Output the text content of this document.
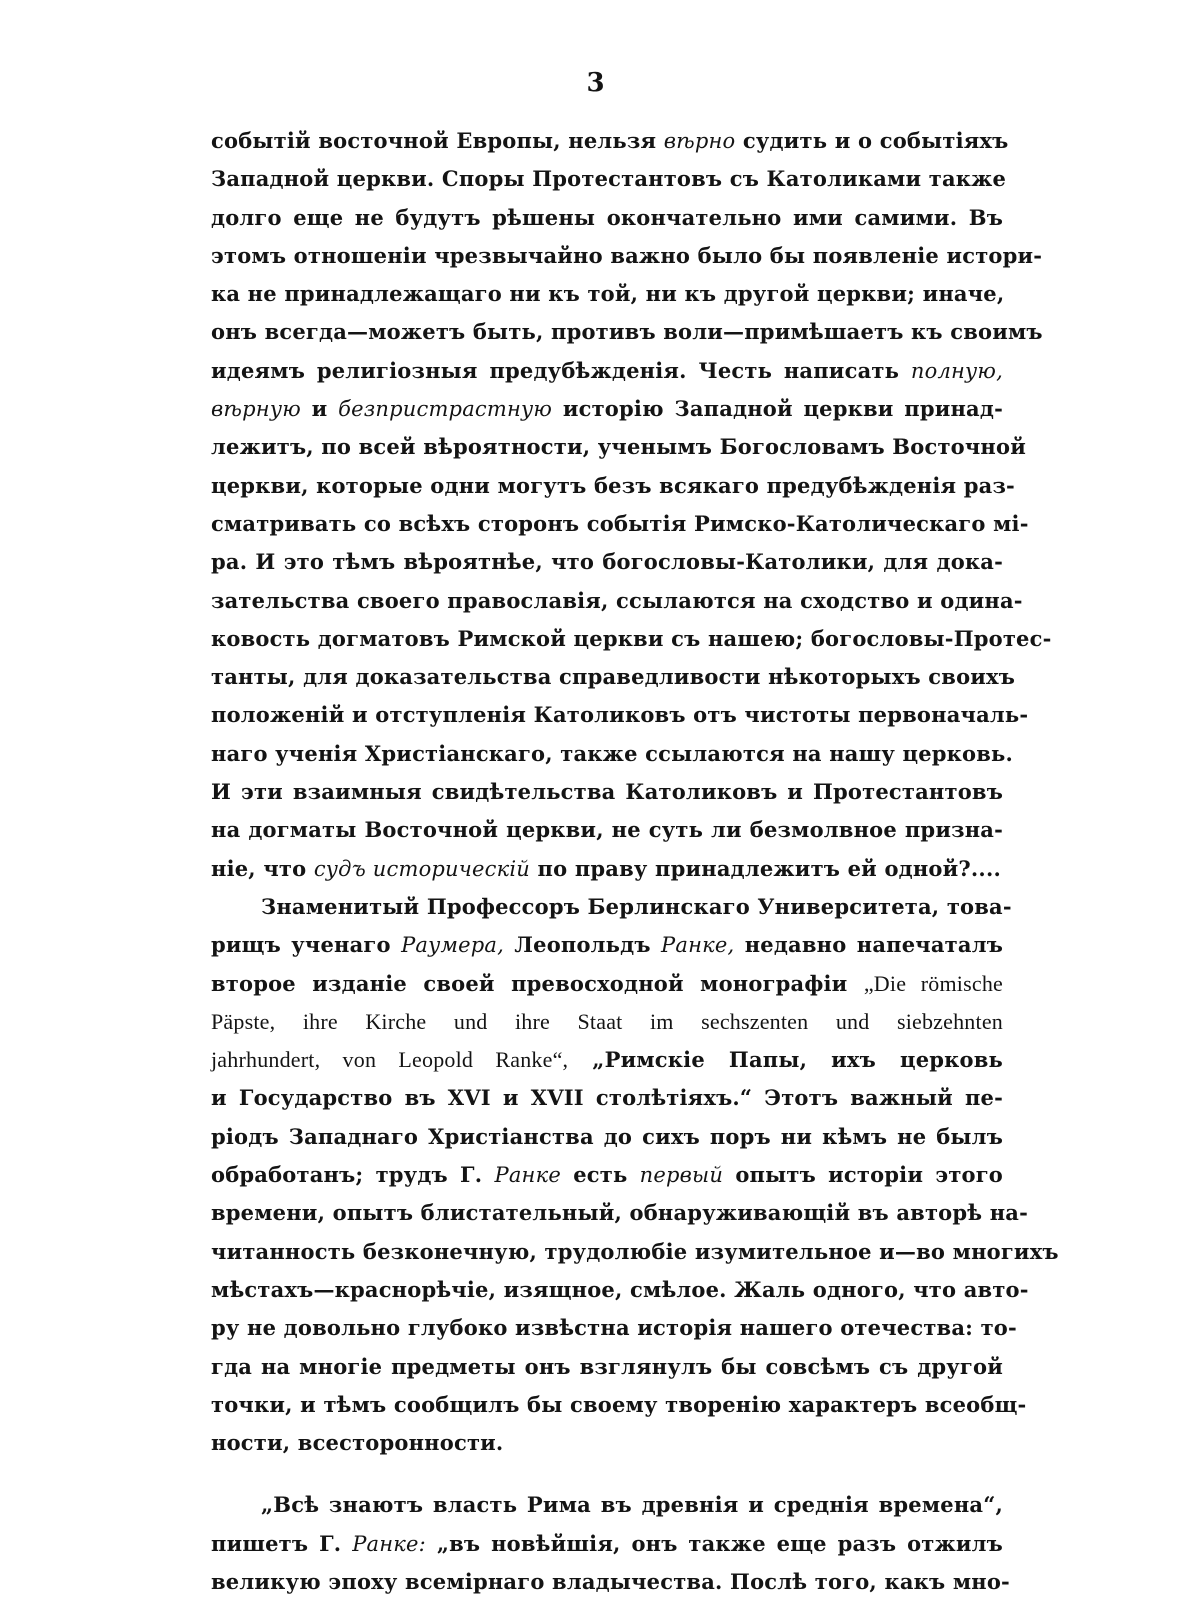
3
событій восточной Европы, нельзя вѣрно судить и о событіяхъ
Западной церкви. Споры Протестантовъ съ Католиками также
долго еще не будутъ рѣшены окончательно ими самими. Въ
этомъ отношеніи чрезвычайно важно было бы появленіе истори-
ка не принадлежащаго ни къ той, ни къ другой церкви; иначе,
онъ всегда—можетъ быть, противъ воли—примѣшаетъ къ своимъ
идеямъ религіозныя предубѣжденія. Честь написать полную,
вѣрную и безпристрастную исторію Западной церкви принад-
лежитъ, по всей вѣроятности, ученымъ Богословамъ Восточной
церкви, которые одни могутъ безъ всякаго предубѣжденія раз-
сматривать со всѣхъ сторонъ событія Римско-Католическаго мі-
ра. И это тѣмъ вѣроятнѣе, что богословы-Католики, для дока-
зательства своего православія, ссылаются на сходство и одина-
ковость догматовъ Римской церкви съ нашею; богословы-Протес-
танты, для доказательства справедливости нѣкоторыхъ своихъ
положеній и отступленія Католиковъ отъ чистоты первоначаль-
наго ученія Христіанскаго, также ссылаются на нашу церковь.
И эти взаимныя свидѣтельства Католиковъ и Протестантовъ
на догматы Восточной церкви, не суть ли безмолвное призна-
ніе, что судъ историческій по праву принадлежитъ ей одной?....
Знаменитый Профессоръ Берлинскаго Университета, това-
рищъ ученаго Раумера, Леопольдъ Ранке, недавно напечаталъ
второе изданіе своей превосходной монографіи „Die römische
Päpste, ihre Kirche und ihre Staat im sechszenten und siebzehnten
jahrhundert, von Leopold Ranke“, „Римскіе Папы, ихъ церковь
и Государство въ XVI и XVII столѣтіяхъ.“ Этотъ важный пе-
ріодъ Западнаго Христіанства до сихъ поръ ни кѣмъ не былъ
обработанъ; трудъ Г. Ранке есть первый опытъ исторіи этого
времени, опытъ блистательный, обнаруживающій въ авторѣ на-
читанность безконечную, трудолюбіе изумительное и—во многихъ
мѣстахъ—краснорѣчіе, изящное, смѣлое. Жаль одного, что авто-
ру не довольно глубоко извѣстна исторія нашего отечества: то-
гда на многіе предметы онъ взглянулъ бы совсѣмъ съ другой
точки, и тѣмъ сообщилъ бы своему творенію характеръ всеобщ-
ности, всесторонности.
„Всѣ знаютъ власть Рима въ древнія и среднія времена“,
пишетъ Г. Ранке: „въ новѣйшія, онъ также еще разъ отжилъ
великую эпоху всемірнаго владычества. Послѣ того, какъ мно-
